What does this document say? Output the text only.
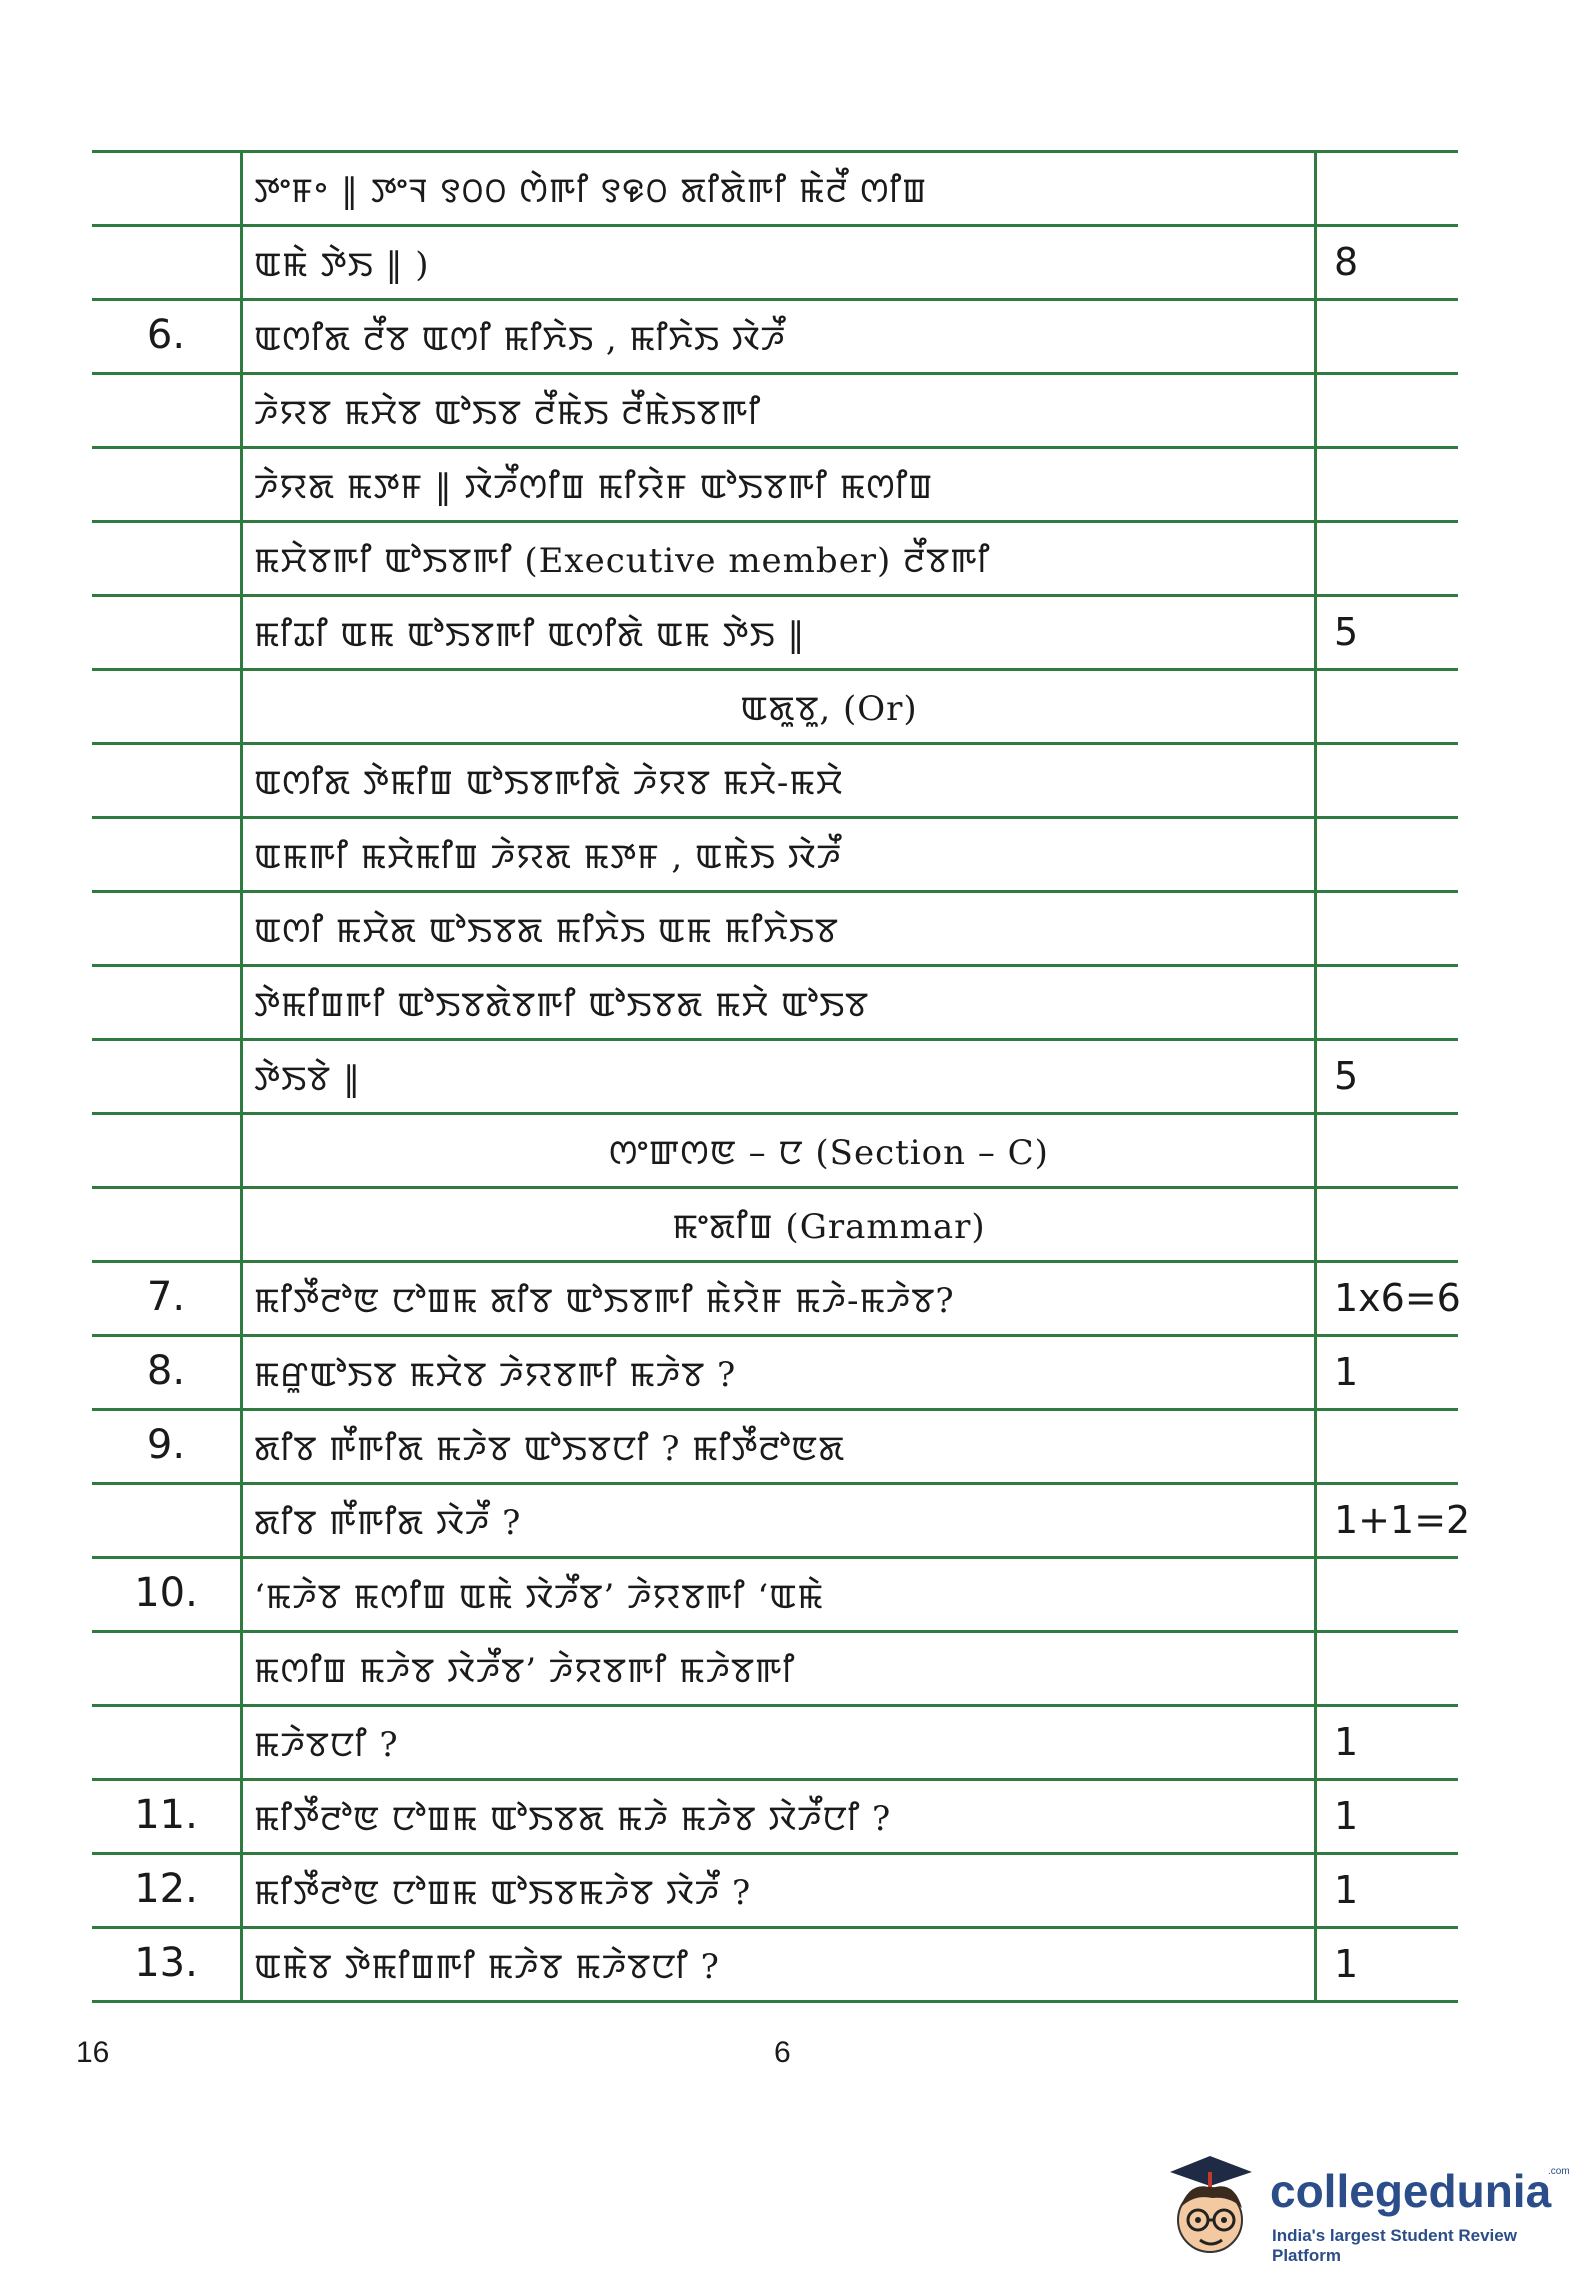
ꯇꯦꯝ॰ ‖ ꯇꯦꯜ ꯱꯰꯰ ꯁꯥꯒꯤ ꯱꯶꯰ ꯗꯤꯗꯥꯒꯤ ꯃꯥꯂꯩ ꯁꯤꯡ
ꯑꯃꯥ ꯇꯥꯏ ‖ )	8
6.	ꯑꯁꯤꯗ ꯂꯩꯕ ꯑꯁꯤ ꯃꯤꯈꯥꯏ , ꯃꯤꯈꯥꯏ ꯋꯥꯍꯩ
ꯍꯥꯌꯕ ꯃꯆꯥꯕ ꯑꯣꯏꯕ ꯂꯩꯃꯥꯏ ꯂꯩꯃꯥꯏꯕꯒꯤ
ꯍꯥꯌꯗ ꯃꯇꯝ ‖ ꯋꯥꯍꯩꯁꯤꯡ ꯃꯤꯌꯥꯝ ꯑꯣꯏꯕꯒꯤ ꯃꯁꯤꯡ
ꯃꯆꯥꯕꯒꯤ ꯑꯣꯏꯕꯒꯤ (Executive member) ꯂꯩꯕꯒꯤ
ꯃꯤꯊꯤ ꯑꯃ ꯑꯣꯏꯕꯒꯤ ꯑꯁꯤꯗꯥ ꯑꯃ ꯇꯥꯏ ‖	5
ꯑꯗꯨꯕꯨ, (Or)
ꯑꯁꯤꯗ ꯇꯥꯃꯤꯡ ꯑꯣꯏꯕꯒꯤꯗꯥ ꯍꯥꯌꯕ ꯃꯆꯥ-ꯃꯆꯥ
ꯑꯃꯒꯤ ꯃꯆꯥꯃꯤꯡ ꯍꯥꯌꯗ ꯃꯇꯝ , ꯑꯃꯥꯏ ꯋꯥꯍꯩ
ꯑꯁꯤ ꯃꯆꯥꯗ ꯑꯣꯏꯕꯗ ꯃꯤꯈꯥꯏ ꯑꯃ ꯃꯤꯈꯥꯏꯕ
ꯇꯥꯃꯤꯡꯒꯤ ꯑꯣꯏꯕꯗꯥꯕꯒꯤ ꯑꯣꯏꯕꯗ ꯃꯆꯥ ꯑꯣꯏꯕ
ꯇꯥꯏꯕꯥ ‖	5
ꯁꯦꯛꯁꯟ – ꯅ (Section – C)
ꯃꯦꯗꯤꯡ (Grammar)
7.	ꯃꯤꯇꯩꯂꯣꯟ ꯅꯣꯡꯃ ꯗꯤꯕ ꯑꯣꯏꯕꯒꯤ ꯃꯥꯌꯥꯝ ꯃꯍꯥ-ꯃꯍꯥꯕ?	1x6=6
8.	ꯃꯔꯨꯑꯣꯏꯕ ꯃꯆꯥꯕ ꯍꯥꯌꯕꯒꯤ ꯃꯍꯥꯕ ?	1
9.	ꯗꯤꯕ ꯒꯩꯒꯤꯗ ꯃꯍꯥꯕ ꯑꯣꯏꯕꯅꯤ ? ꯃꯤꯇꯩꯂꯣꯟꯗ
ꯗꯤꯕ ꯒꯩꯒꯤꯗ ꯋꯥꯍꯩ ?	1+1=2
10.	‘ꯃꯍꯥꯕ ꯃꯁꯤꯡ ꯑꯃꯥ ꯋꯥꯍꯩꯕ’ ꯍꯥꯌꯕꯒꯤ ‘ꯑꯃꯥ
ꯃꯁꯤꯡ ꯃꯍꯥꯕ ꯋꯥꯍꯩꯕ’ ꯍꯥꯌꯕꯒꯤ ꯃꯍꯥꯕꯒꯤ
ꯃꯍꯥꯕꯅꯤ ?	1
11.	ꯃꯤꯇꯩꯂꯣꯟ ꯅꯣꯡꯃ ꯑꯣꯏꯕꯗ ꯃꯍꯥ ꯃꯍꯥꯕ ꯋꯥꯍꯩꯅꯤ ?	1
12.	ꯃꯤꯇꯩꯂꯣꯟ ꯅꯣꯡꯃ ꯑꯣꯏꯕꯃꯍꯥꯕ ꯋꯥꯍꯩ ?	1
13.	ꯑꯃꯥꯕ ꯇꯥꯃꯤꯡꯒꯤ ꯃꯍꯥꯕ ꯃꯍꯥꯕꯅꯤ ?	1
16	6
collegedunia
.com
India's largest Student Review Platform
